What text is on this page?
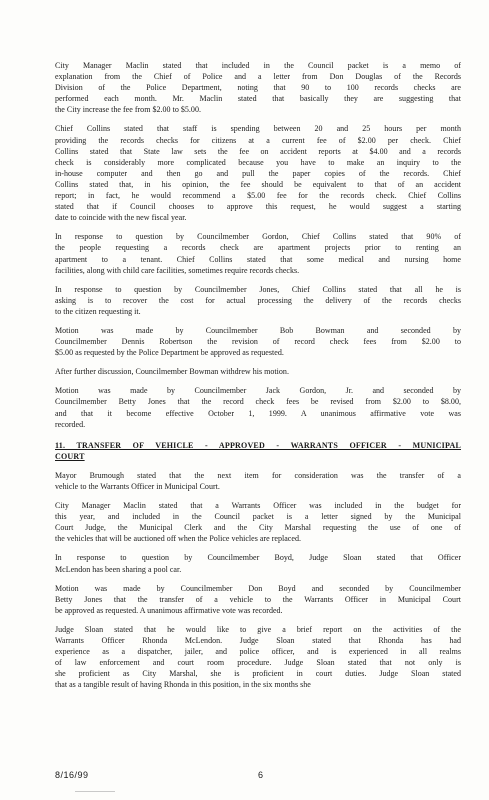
City Manager Maclin stated that included in the Council packet is a memo of
explanation from the Chief of Police and a letter from Don Douglas of the Records
Division of the Police Department, noting that 90 to 100 records checks are
performed each month. Mr. Maclin stated that basically they are suggesting that
the City increase the fee from $2.00 to $5.00.
Chief Collins stated that staff is spending between 20 and 25 hours per month
providing the records checks for citizens at a current fee of $2.00 per check. Chief
Collins stated that State law sets the fee on accident reports at $4.00 and a records
check is considerably more complicated because you have to make an inquiry to the
in-house computer and then go and pull the paper copies of the records. Chief
Collins stated that, in his opinion, the fee should be equivalent to that of an accident
report; in fact, he would recommend a $5.00 fee for the records check. Chief Collins
stated that if Council chooses to approve this request, he would suggest a starting
date to coincide with the new fiscal year.
In response to question by Councilmember Gordon, Chief Collins stated that 90% of
the people requesting a records check are apartment projects prior to renting an
apartment to a tenant. Chief Collins stated that some medical and nursing home
facilities, along with child care facilities, sometimes require records checks.
In response to question by Councilmember Jones, Chief Collins stated that all he is
asking is to recover the cost for actual processing the delivery of the records checks
to the citizen requesting it.
Motion was made by Councilmember Bob Bowman and seconded by
Councilmember Dennis Robertson the revision of record check fees from $2.00 to
$5.00 as requested by the Police Department be approved as requested.
After further discussion, Councilmember Bowman withdrew his motion.
Motion was made by Councilmember Jack Gordon, Jr. and seconded by
Councilmember Betty Jones that the record check fees be revised from $2.00 to $8.00,
and that it become effective October 1, 1999. A unanimous affirmative vote was
recorded.
11. TRANSFER OF VEHICLE - APPROVED - WARRANTS OFFICER - MUNICIPAL
COURT
Mayor Brumough stated that the next item for consideration was the transfer of a
vehicle to the Warrants Officer in Municipal Court.
City Manager Maclin stated that a Warrants Officer was included in the budget for
this year, and included in the Council packet is a letter signed by the Municipal
Court Judge, the Municipal Clerk and the City Marshal requesting the use of one of
the vehicles that will be auctioned off when the Police vehicles are replaced.
In response to question by Councilmember Boyd, Judge Sloan stated that Officer
McLendon has been sharing a pool car.
Motion was made by Councilmember Don Boyd and seconded by Councilmember
Betty Jones that the transfer of a vehicle to the Warrants Officer in Municipal Court
be approved as requested. A unanimous affirmative vote was recorded.
Judge Sloan stated that he would like to give a brief report on the activities of the
Warrants Officer Rhonda McLendon. Judge Sloan stated that Rhonda has had
experience as a dispatcher, jailer, and police officer, and is experienced in all realms
of law enforcement and court room procedure. Judge Sloan stated that not only is
she proficient as City Marshal, she is proficient in court duties. Judge Sloan stated
that as a tangible result of having Rhonda in this position, in the six months she
8/16/99	6
